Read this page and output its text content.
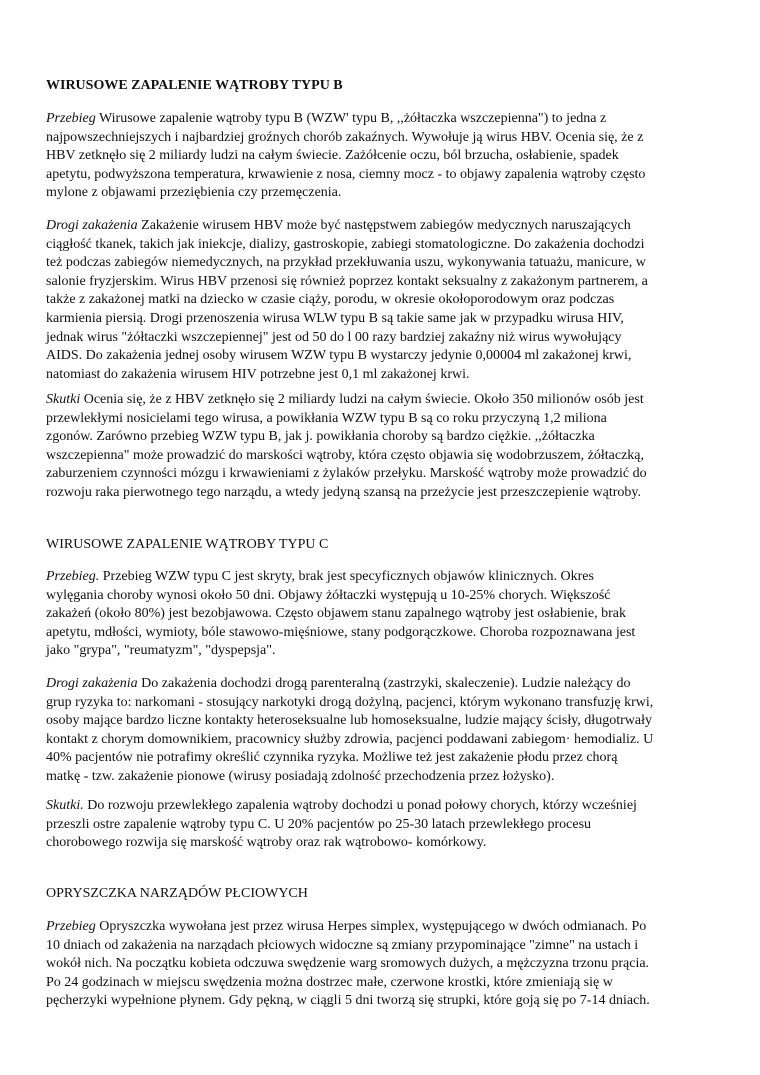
WIRUSOWE ZAPALENIE WĄTROBY TYPU B

Przebieg Wirusowe zapalenie wątroby typu B (WZW' typu B, ,,żółtaczka wszczepienna") to jedna z
najpowszechniejszych i najbardziej groźnych chorób zakaźnych. Wywołuje ją wirus HBV. Ocenia się, że z
HBV zetknęło się 2 miliardy ludzi na całym świecie. Zażółcenie oczu, ból brzucha, osłabienie, spadek
apetytu, podwyższona temperatura, krwawienie z nosa, ciemny mocz - to objawy zapalenia wątroby często
mylone z objawami przeziębienia czy przemęczenia.

Drogi zakażenia Zakażenie wirusem HBV może być następstwem zabiegów medycznych naruszających
ciągłość tkanek, takich jak iniekcje, dializy, gastroskopie, zabiegi stomatologiczne. Do zakażenia dochodzi
też podczas zabiegów niemedycznych, na przykład przekłuwania uszu, wykonywania tatuażu, manicure, w
salonie fryzjerskim. Wirus HBV przenosi się również poprzez kontakt seksualny z zakażonym partnerem, a
także z zakażonej matki na dziecko w czasie ciąży, porodu, w okresie okołoporodowym oraz podczas
karmienia piersią. Drogi przenoszenia wirusa WLW typu B są takie same jak w przypadku wirusa HIV,
jednak wirus "żółtaczki wszczepiennej" jest od 50 do l 00 razy bardziej zakaźny niż wirus wywołujący
AIDS. Do zakażenia jednej osoby wirusem WZW typu B wystarczy jedynie 0,00004 ml zakażonej krwi,
natomiast do zakażenia wirusem HIV potrzebne jest 0,1 ml zakażonej krwi.

Skutki Ocenia się, że z HBV zetknęło się 2 miliardy ludzi na całym świecie. Około 350 milionów osób jest
przewlekłymi nosicielami tego wirusa, a powikłania WZW typu B są co roku przyczyną 1,2 miliona
zgonów. Zarówno przebieg WZW typu B, jak j. powikłania choroby są bardzo ciężkie. ,,żółtaczka
wszczepienna" może prowadzić do marskości wątroby, która często objawia się wodobrzuszem, żółtaczką,
zaburzeniem czynności mózgu i krwawieniami z żylaków przełyku. Marskość wątroby może prowadzić do
rozwoju raka pierwotnego tego narządu, a wtedy jedyną szansą na przeżycie jest przeszczepienie wątroby.

WIRUSOWE ZAPALENIE WĄTROBY TYPU C

Przebieg. Przebieg WZW typu C jest skryty, brak jest specyficznych objawów klinicznych. Okres
wylęgania choroby wynosi około 50 dni. Objawy żółtaczki występują u 10-25% chorych. Większość
zakażeń (około 80%) jest bezobjawowa. Często objawem stanu zapalnego wątroby jest osłabienie, brak
apetytu, mdłości, wymioty, bóle stawowo-mięśniowe, stany podgorączkowe. Choroba rozpoznawana jest
jako "grypa", "reumatyzm", "dyspepsja".

Drogi zakażenia Do zakażenia dochodzi drogą parenteralną (zastrzyki, skaleczenie). Ludzie należący do
grup ryzyka to: narkomani - stosujący narkotyki drogą dożylną, pacjenci, którym wykonano transfuzję krwi,
osoby mające bardzo liczne kontakty heteroseksualne lub homoseksualne, ludzie mający ścisły, długotrwały
kontakt z chorym domownikiem, pracownicy służby zdrowia, pacjenci poddawani zabiegom· hemodializ. U
40% pacjentów nie potrafimy określić czynnika ryzyka. Możliwe też jest zakażenie płodu przez chorą
matkę - tzw. zakażenie pionowe (wirusy posiadają zdolność przechodzenia przez łożysko).

Skutki. Do rozwoju przewlekłego zapalenia wątroby dochodzi u ponad połowy chorych, którzy wcześniej
przeszli ostre zapalenie wątroby typu C. U 20% pacjentów po 25-30 latach przewlekłego procesu
chorobowego rozwija się marskość wątroby oraz rak wątrobowo- komórkowy.

OPRYSZCZKA NARZĄDÓW PŁCIOWYCH

Przebieg Opryszczka wywołana jest przez wirusa Herpes simplex, występującego w dwóch odmianach. Po
10 dniach od zakażenia na narządach płciowych widoczne są zmiany przypominające "zimne" na ustach i
wokół nich. Na początku kobieta odczuwa swędzenie warg sromowych dużych, a mężczyzna trzonu prącia.
Po 24 godzinach w miejscu swędzenia można dostrzec małe, czerwone krostki, które zmieniają się w
pęcherzyki wypełnione płynem. Gdy pękną, w ciągli 5 dni tworzą się strupki, które goją się po 7-14 dniach.
